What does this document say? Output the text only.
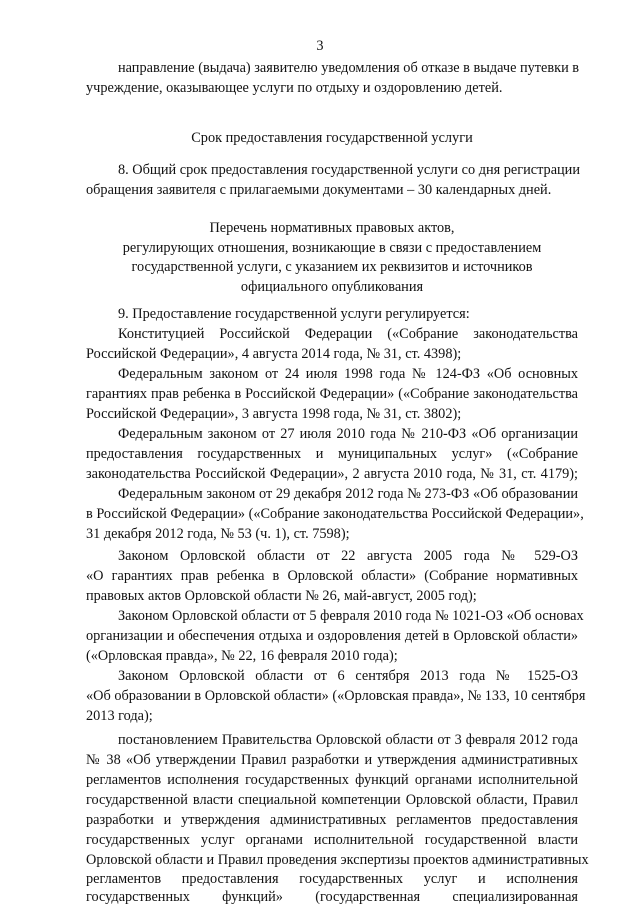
3
направление (выдача) заявителю уведомления об отказе в выдаче путевки в
учреждение, оказывающее услуги по отдыху и оздоровлению детей.
Срок предоставления государственной услуги
8. Общий срок предоставления государственной услуги со дня регистрации
обращения заявителя с прилагаемыми документами – 30 календарных дней.
Перечень нормативных правовых актов,
регулирующих отношения, возникающие в связи с предоставлением
государственной услуги, с указанием их реквизитов и источников
официального опубликования
9. Предоставление государственной услуги регулируется:
Конституцией Российской Федерации («Собрание законодательства
Российской Федерации», 4 августа 2014 года, № 31, ст. 4398);
Федеральным законом от 24 июля 1998 года № 124-ФЗ «Об основных
гарантиях прав ребенка в Российской Федерации» («Собрание законодательства
Российской Федерации», 3 августа 1998 года, № 31, ст. 3802);
Федеральным законом от 27 июля 2010 года № 210-ФЗ «Об организации
предоставления государственных и муниципальных услуг» («Собрание
законодательства Российской Федерации», 2 августа 2010 года, № 31, ст. 4179);
Федеральным законом от 29 декабря 2012 года № 273-ФЗ «Об образовании
в Российской Федерации» («Собрание законодательства Российской Федерации»,
31 декабря 2012 года, № 53 (ч. 1), ст. 7598);
Законом Орловской области от 22 августа 2005 года № 529-ОЗ
«О гарантиях прав ребенка в Орловской области» (Собрание нормативных
правовых актов Орловской области № 26, май-август, 2005 год);
Законом Орловской области от 5 февраля 2010 года № 1021-ОЗ «Об основах
организации и обеспечения отдыха и оздоровления детей в Орловской области»
(«Орловская правда», № 22, 16 февраля 2010 года);
Законом Орловской области от 6 сентября 2013 года № 1525-ОЗ
«Об образовании в Орловской области» («Орловская правда», № 133, 10 сентября
2013 года);
постановлением Правительства Орловской области от 3 февраля 2012 года
№ 38 «Об утверждении Правил разработки и утверждения административных
регламентов исполнения государственных функций органами исполнительной
государственной власти специальной компетенции Орловской области, Правил
разработки и утверждения административных регламентов предоставления
государственных услуг органами исполнительной государственной власти
Орловской области и Правил проведения экспертизы проектов административных
регламентов предоставления государственных услуг и исполнения
государственных функций» (государственная специализированная
